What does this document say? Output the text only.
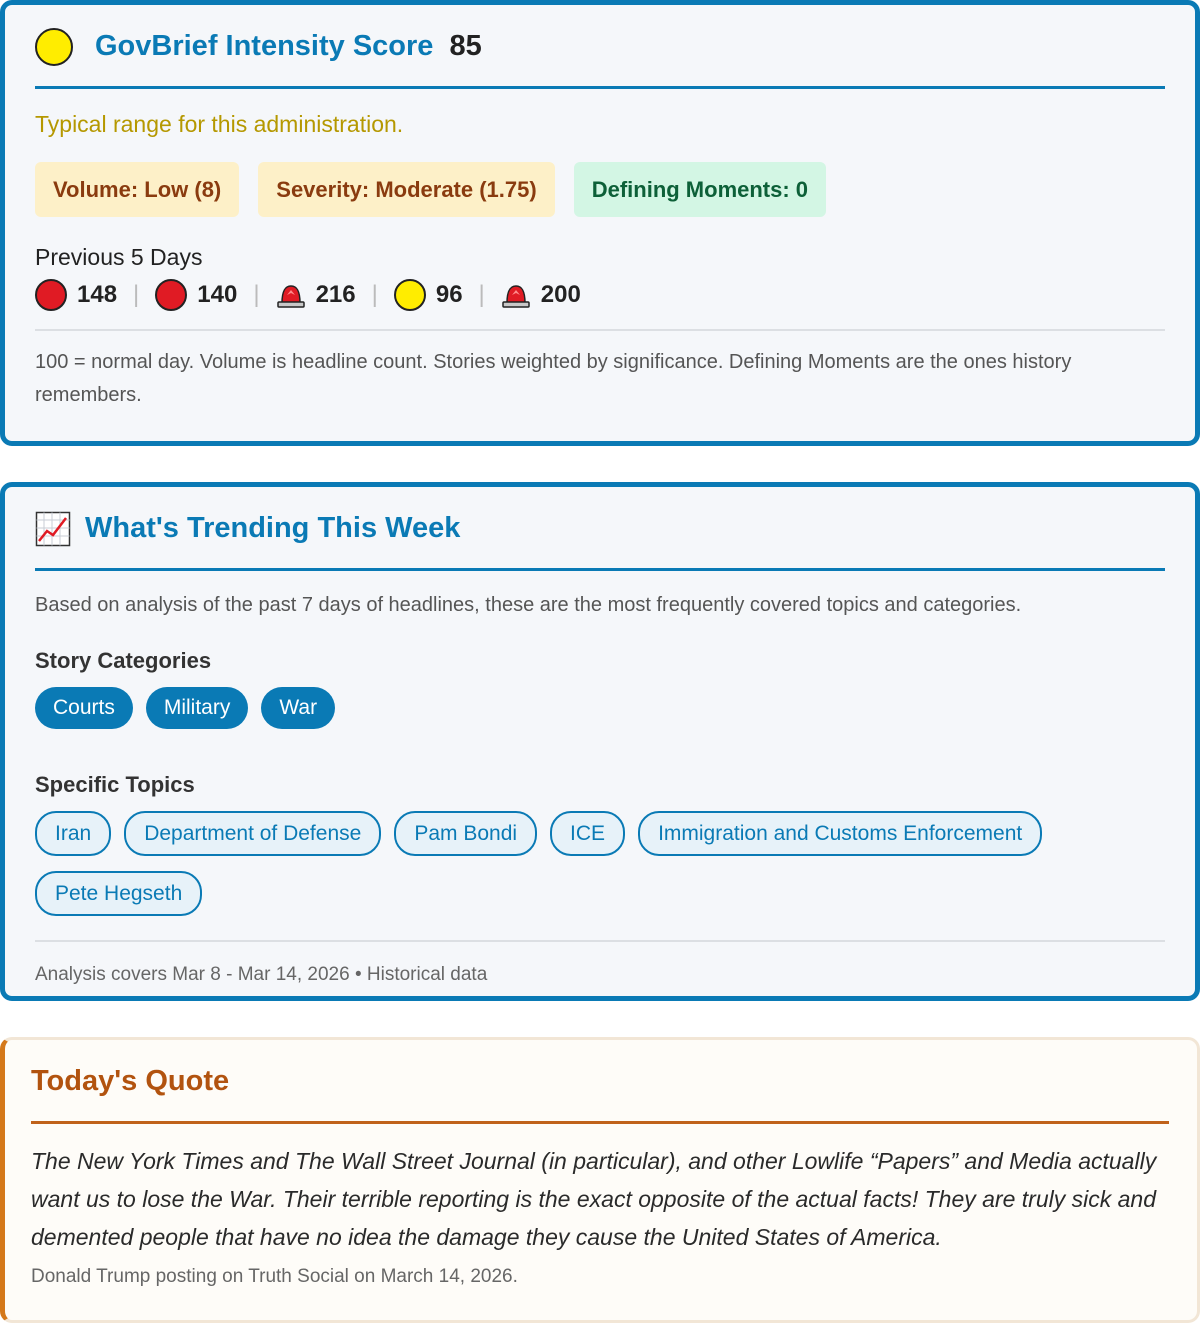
GovBrief Intensity Score 85
Typical range for this administration.
Volume: Low (8)	Severity: Moderate (1.75)	Defining Moments: 0
Previous 5 Days
148 | 140 | 216 | 96 | 200
100 = normal day. Volume is headline count. Stories weighted by significance. Defining Moments are the ones history remembers.
What's Trending This Week
Based on analysis of the past 7 days of headlines, these are the most frequently covered topics and categories.
Story Categories
Courts	Military	War
Specific Topics
Iran	Department of Defense	Pam Bondi	ICE	Immigration and Customs Enforcement
Pete Hegseth
Analysis covers Mar 8 - Mar 14, 2026 • Historical data
Today's Quote
The New York Times and The Wall Street Journal (in particular), and other Lowlife “Papers” and Media actually want us to lose the War. Their terrible reporting is the exact opposite of the actual facts! They are truly sick and demented people that have no idea the damage they cause the United States of America.
Donald Trump posting on Truth Social on March 14, 2026.
